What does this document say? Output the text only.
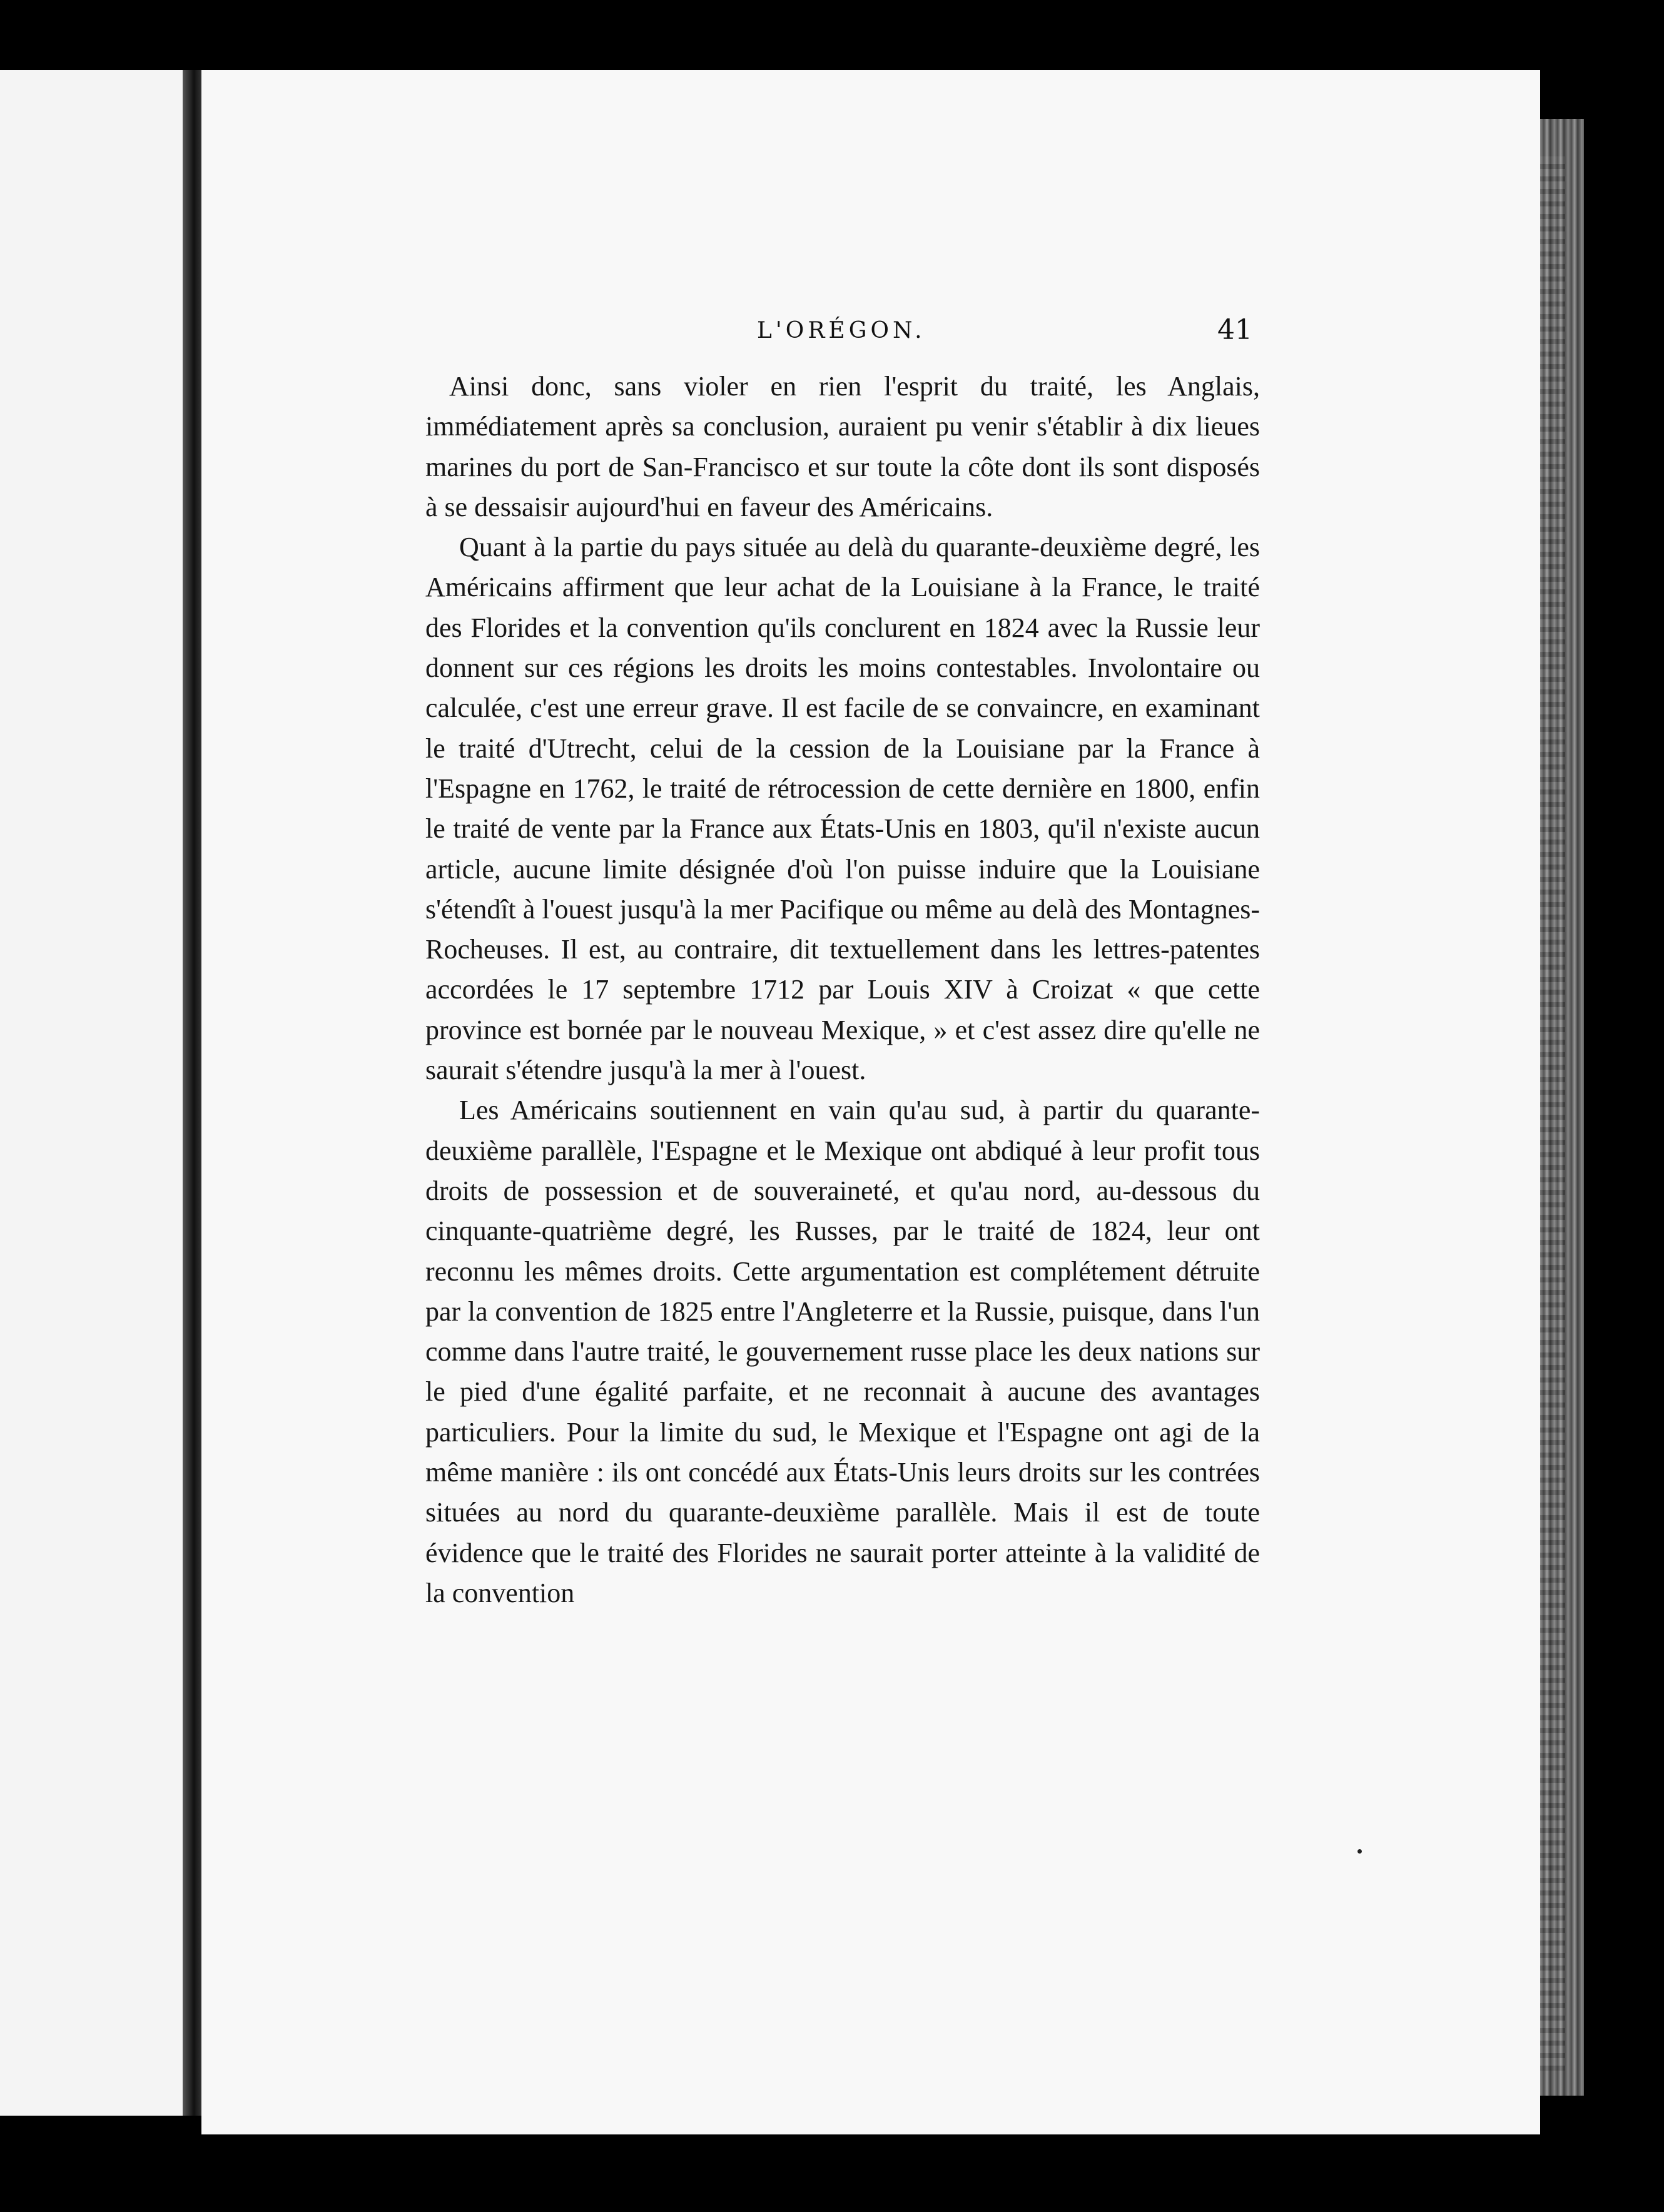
L'ORÉGON.	41

Ainsi donc, sans violer en rien l'esprit du traité, les Anglais, immédiatement après sa conclusion, auraient pu venir s'établir à dix lieues marines du port de San-Francisco et sur toute la côte dont ils sont disposés à se dessaisir aujourd'hui en faveur des Américains.

Quant à la partie du pays située au delà du quarante-deuxième degré, les Américains affirment que leur achat de la Louisiane à la France, le traité des Florides et la convention qu'ils conclurent en 1824 avec la Russie leur donnent sur ces régions les droits les moins contestables. Involontaire ou calculée, c'est une erreur grave. Il est facile de se convaincre, en examinant le traité d'Utrecht, celui de la cession de la Louisiane par la France à l'Espagne en 1762, le traité de rétrocession de cette dernière en 1800, enfin le traité de vente par la France aux États-Unis en 1803, qu'il n'existe aucun article, aucune limite désignée d'où l'on puisse induire que la Louisiane s'étendît à l'ouest jusqu'à la mer Pacifique ou même au delà des Montagnes-Rocheuses. Il est, au contraire, dit textuellement dans les lettres-patentes accordées le 17 septembre 1712 par Louis XIV à Croizat « que cette province est bornée par le nouveau Mexique, » et c'est assez dire qu'elle ne saurait s'étendre jusqu'à la mer à l'ouest.

Les Américains soutiennent en vain qu'au sud, à partir du quarante-deuxième parallèle, l'Espagne et le Mexique ont abdiqué à leur profit tous droits de possession et de souveraineté, et qu'au nord, au-dessous du cinquante-quatrième degré, les Russes, par le traité de 1824, leur ont reconnu les mêmes droits. Cette argumentation est complétement détruite par la convention de 1825 entre l'Angleterre et la Russie, puisque, dans l'un comme dans l'autre traité, le gouvernement russe place les deux nations sur le pied d'une égalité parfaite, et ne reconnait à aucune des avantages particuliers. Pour la limite du sud, le Mexique et l'Espagne ont agi de la même manière : ils ont concédé aux États-Unis leurs droits sur les contrées situées au nord du quarante-deuxième parallèle. Mais il est de toute évidence que le traité des Florides ne saurait porter atteinte à la validité de la convention
